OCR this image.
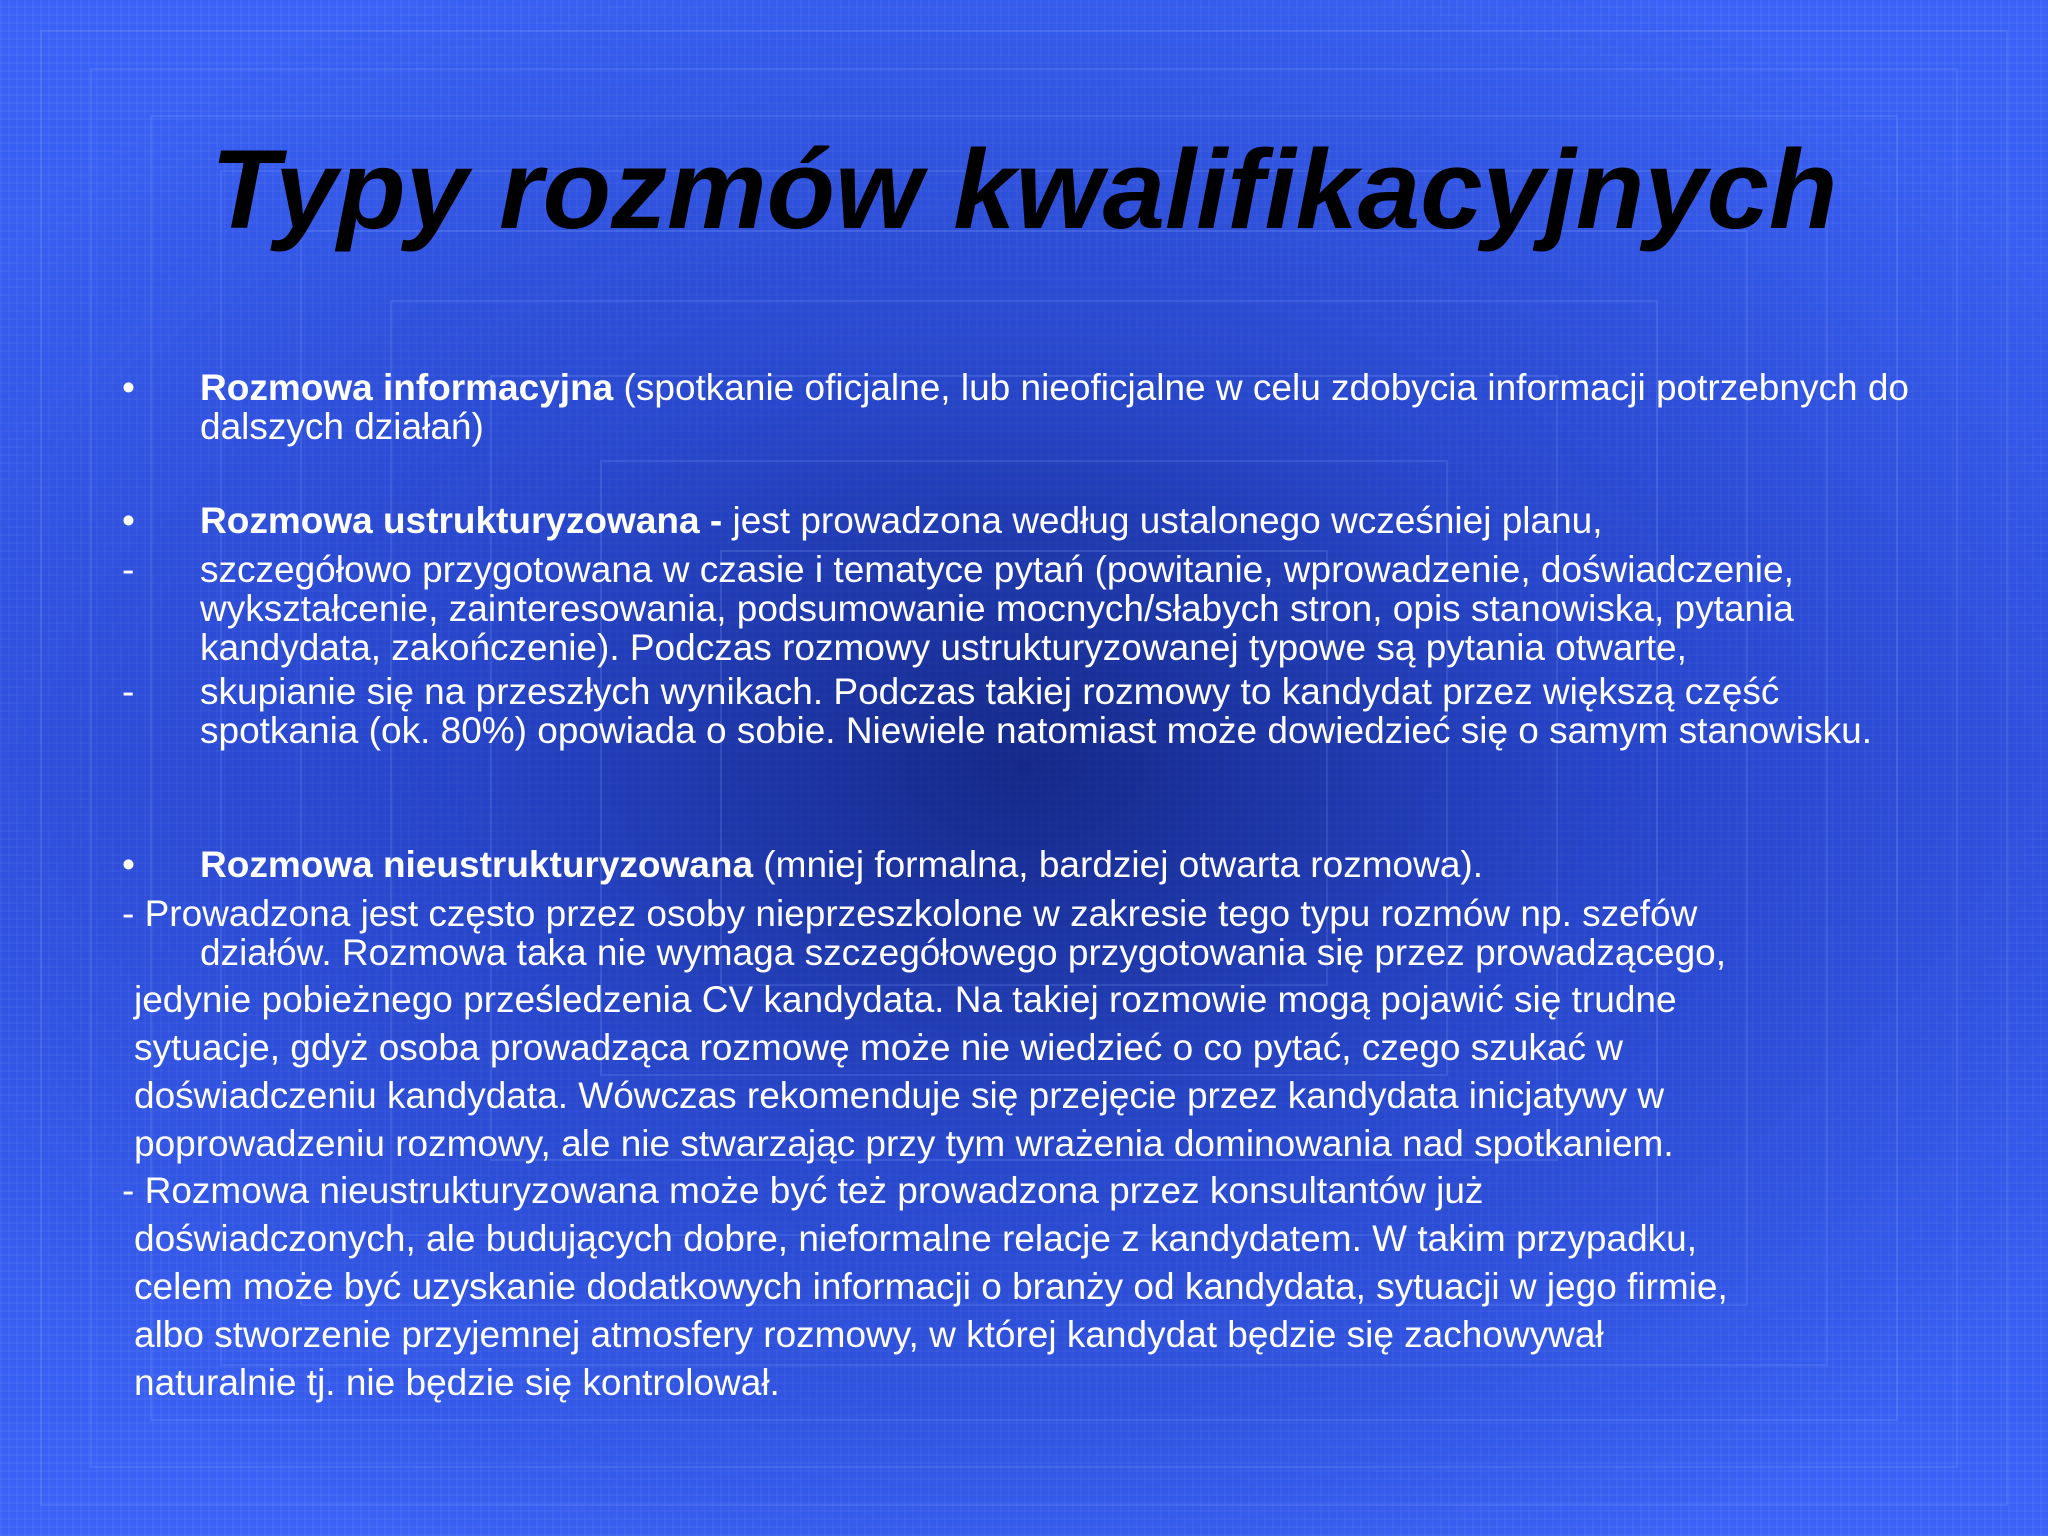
Typy rozmów kwalifikacyjnych
•	Rozmowa informacyjna (spotkanie oficjalne, lub nieoficjalne w celu zdobycia informacji potrzebnych do dalszych działań)

•	Rozmowa ustrukturyzowana - jest prowadzona według ustalonego wcześniej planu,

-	szczegółowo przygotowana w czasie i tematyce pytań (powitanie, wprowadzenie, doświadczenie, wykształcenie, zainteresowania, podsumowanie mocnych/słabych stron, opis stanowiska, pytania kandydata, zakończenie). Podczas rozmowy ustrukturyzowanej typowe są pytania otwarte,

-	skupianie się na przeszłych wynikach. Podczas takiej rozmowy to kandydat przez większą część spotkania (ok. 80%) opowiada o sobie. Niewiele natomiast może dowiedzieć się o samym stanowisku.

•	Rozmowa nieustrukturyzowana (mniej formalna, bardziej otwarta rozmowa).

- Prowadzona jest często przez osoby nieprzeszkolone w zakresie tego typu rozmów np. szefów

działów. Rozmowa taka nie wymaga szczegółowego przygotowania się przez prowadzącego,

jedynie pobieżnego prześledzenia CV kandydata. Na takiej rozmowie mogą pojawić się trudne

sytuacje, gdyż osoba prowadząca rozmowę może nie wiedzieć o co pytać, czego szukać w

doświadczeniu kandydata. Wówczas rekomenduje się przejęcie przez kandydata inicjatywy w

poprowadzeniu rozmowy, ale nie stwarzając przy tym wrażenia dominowania nad spotkaniem.

- Rozmowa nieustrukturyzowana może być też prowadzona przez konsultantów już

doświadczonych, ale budujących dobre, nieformalne relacje z kandydatem. W takim przypadku,

celem może być uzyskanie dodatkowych informacji o branży od kandydata, sytuacji w jego firmie,

albo stworzenie przyjemnej atmosfery rozmowy, w której kandydat będzie się zachowywał

naturalnie tj. nie będzie się kontrolował.
